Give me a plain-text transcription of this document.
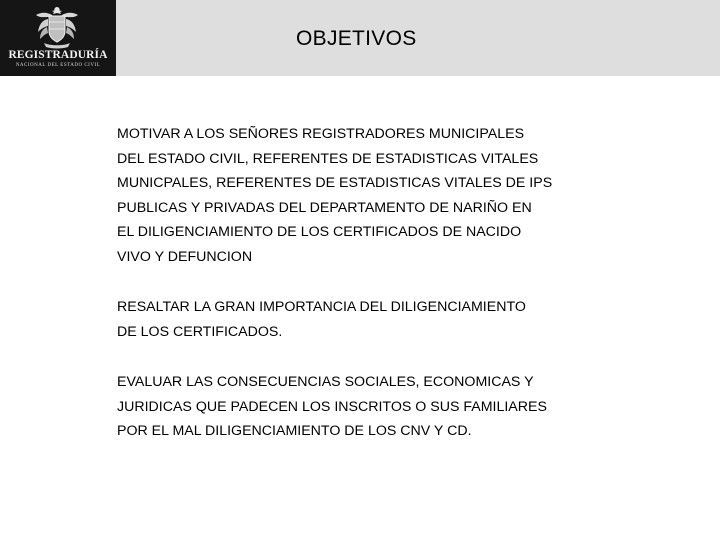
REGISTRADURÍA
NACIONAL DEL ESTADO CIVIL
OBJETIVOS

MOTIVAR A LOS SEÑORES REGISTRADORES MUNICIPALES
DEL ESTADO CIVIL, REFERENTES DE ESTADISTICAS VITALES
MUNICPALES, REFERENTES DE ESTADISTICAS VITALES DE IPS
PUBLICAS Y PRIVADAS DEL DEPARTAMENTO DE NARIÑO EN
EL DILIGENCIAMIENTO DE LOS CERTIFICADOS DE NACIDO
VIVO Y DEFUNCION

RESALTAR LA GRAN IMPORTANCIA DEL DILIGENCIAMIENTO
DE LOS CERTIFICADOS.

EVALUAR LAS CONSECUENCIAS SOCIALES, ECONOMICAS Y
JURIDICAS QUE PADECEN LOS INSCRITOS O SUS FAMILIARES
POR EL MAL DILIGENCIAMIENTO DE LOS CNV Y CD.
